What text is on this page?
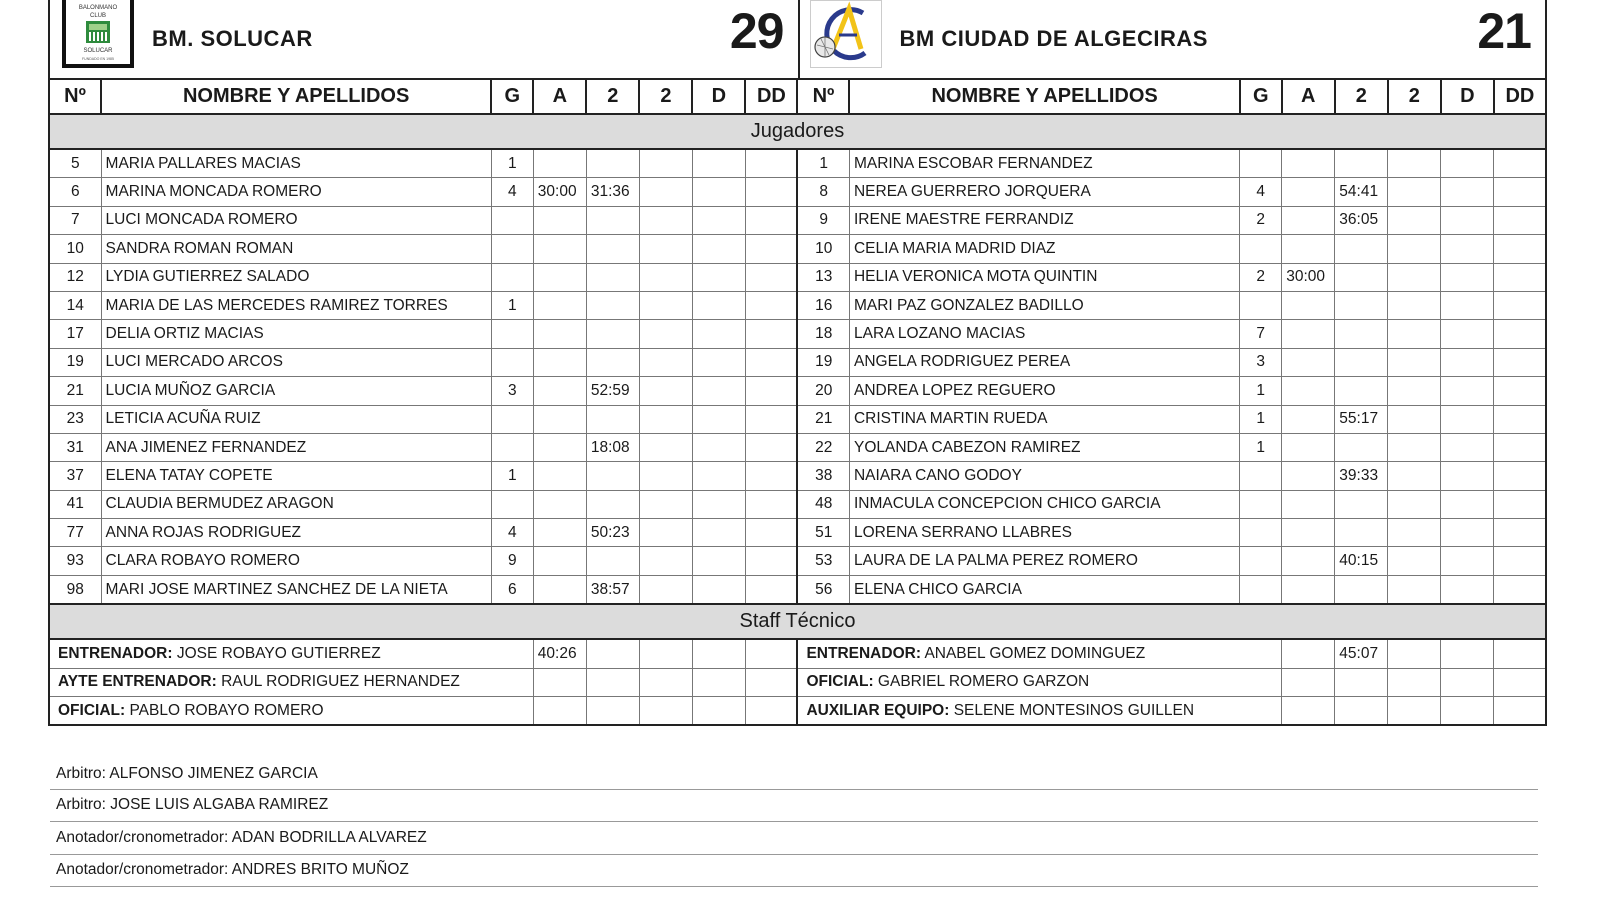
BALONMANO
CLUB
SOLUCAR
FUNDADO EN 1985
BM. SOLUCAR	29	BM CIUDAD DE ALGECIRAS	21
Nº	NOMBRE Y APELLIDOS	G	A	2	2	D	DD	Nº	NOMBRE Y APELLIDOS	G	A	2	2	D	DD
Jugadores															
5	MARIA PALLARES MACIAS	1						1	MARINA ESCOBAR FERNANDEZ						
6	MARINA MONCADA ROMERO	4	30:00	31:36				8	NEREA GUERRERO JORQUERA	4		54:41			
7	LUCI MONCADA ROMERO							9	IRENE MAESTRE FERRANDIZ	2		36:05			
10	SANDRA ROMAN ROMAN							10	CELIA MARIA MADRID DIAZ						
12	LYDIA GUTIERREZ SALADO							13	HELIA VERONICA MOTA QUINTIN	2	30:00				
14	MARIA DE LAS MERCEDES RAMIREZ TORRES	1						16	MARI PAZ GONZALEZ BADILLO						
17	DELIA ORTIZ MACIAS							18	LARA LOZANO MACIAS	7					
19	LUCI MERCADO ARCOS							19	ANGELA RODRIGUEZ PEREA	3					
21	LUCIA MUÑOZ GARCIA	3		52:59				20	ANDREA LOPEZ REGUERO	1					
23	LETICIA ACUÑA RUIZ							21	CRISTINA MARTIN RUEDA	1		55:17			
31	ANA JIMENEZ FERNANDEZ			18:08				22	YOLANDA CABEZON RAMIREZ	1					
37	ELENA TATAY COPETE	1						38	NAIARA CANO GODOY			39:33			
41	CLAUDIA BERMUDEZ ARAGON							48	INMACULA CONCEPCION CHICO GARCIA						
77	ANNA ROJAS RODRIGUEZ	4		50:23				51	LORENA SERRANO LLABRES						
93	CLARA ROBAYO ROMERO	9						53	LAURA DE LA PALMA PEREZ ROMERO			40:15			
98	MARI JOSE MARTINEZ SANCHEZ DE LA NIETA	6		38:57				56	ELENA CHICO GARCIA						
Staff Técnico															
ENTRENADOR: JOSE ROBAYO GUTIERREZ			40:26					ENTRENADOR: ANABEL GOMEZ DOMINGUEZ				45:07			
AYTE ENTRENADOR: RAUL RODRIGUEZ HERNANDEZ								OFICIAL: GABRIEL ROMERO GARZON							
OFICIAL: PABLO ROBAYO ROMERO								AUXILIAR EQUIPO: SELENE MONTESINOS GUILLEN							
Arbitro: ALFONSO JIMENEZ GARCIA
Arbitro: JOSE LUIS ALGABA RAMIREZ
Anotador/cronometrador: ADAN BODRILLA ALVAREZ
Anotador/cronometrador: ANDRES BRITO MUÑOZ
